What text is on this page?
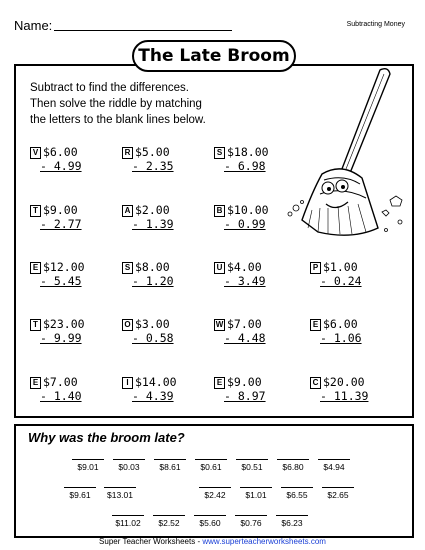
Name:	Subtracting Money
The Late Broom
Subtract to find the differences.
Then solve the riddle by matching
the letters to the blank lines below.
V $6.00
- 4.99
R $5.00
- 2.35
S $18.00
- 6.98
T $9.00
- 2.77
A $2.00
- 1.39
B $10.00
- 0.99
E $12.00
- 5.45
S $8.00
- 1.20
U $4.00
- 3.49
P $1.00
- 0.24
T $23.00
- 9.99
O $3.00
- 0.58
W $7.00
- 4.48
E $6.00
- 1.06
E $7.00
- 1.40
I $14.00
- 4.39
E $9.00
- 8.97
C $20.00
- 11.39
Why was the broom late?
$9.01	$0.03	$8.61	$0.61	$0.51	$6.80	$4.94
$9.61	$13.01	$2.42	$1.01	$6.55	$2.65
$11.02	$2.52	$5.60	$0.76	$6.23
Super Teacher Worksheets - www.superteacherworksheets.com
